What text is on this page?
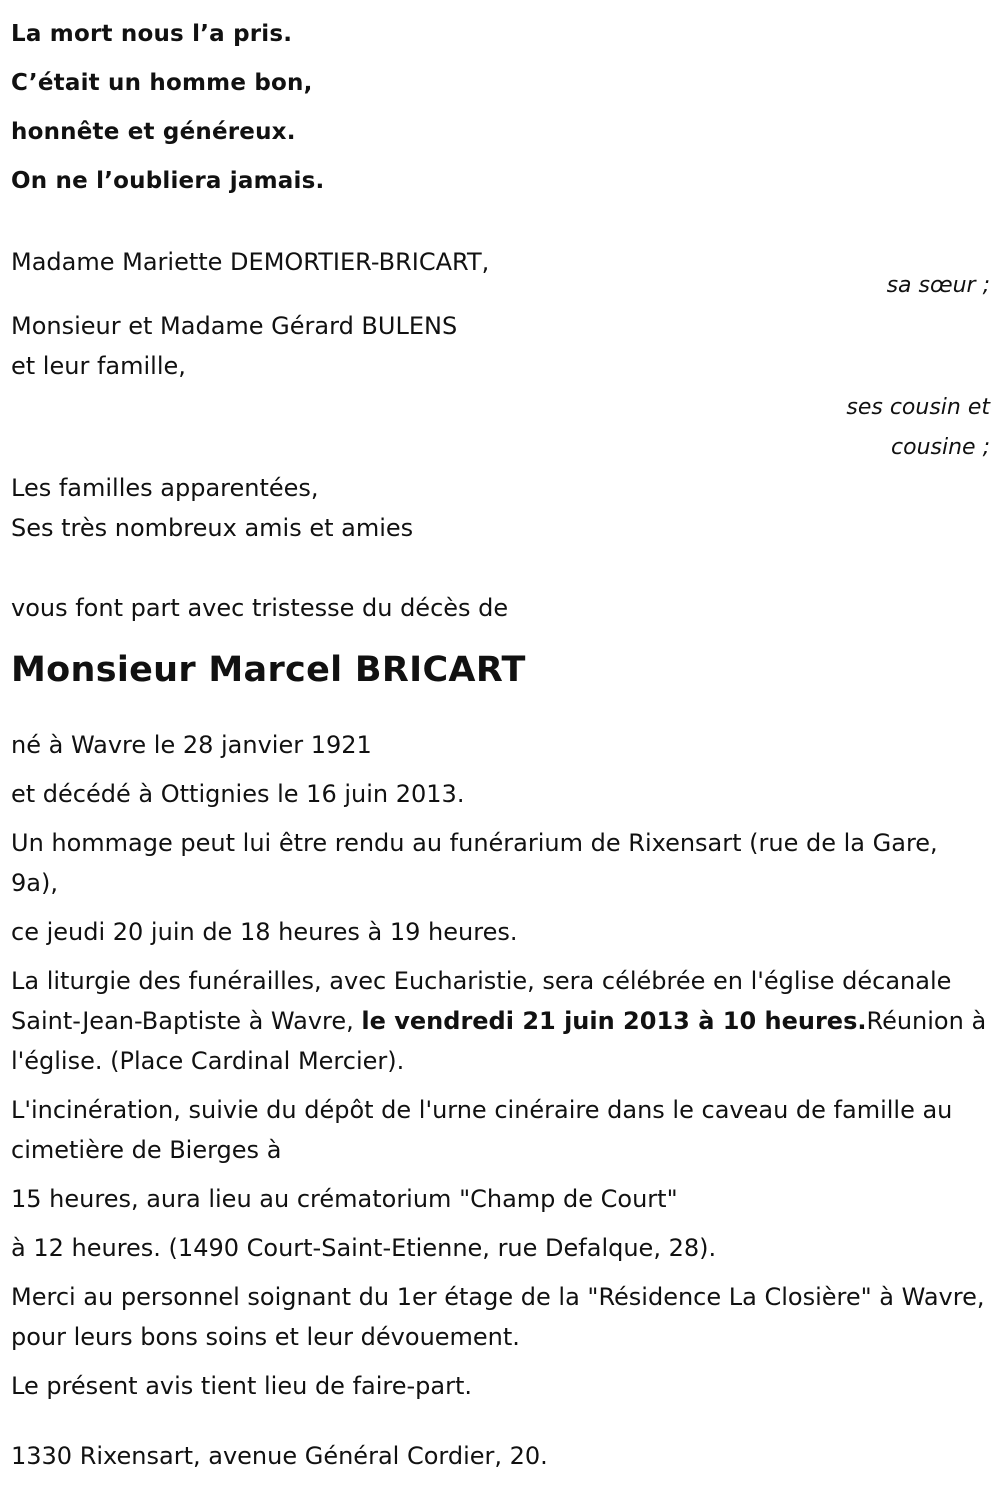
La mort nous l’a pris.

C’était un homme bon,

honnête et généreux.

On ne l’oubliera jamais.

Madame Mariette DEMORTIER-BRICART,

sa sœur ;

Monsieur et Madame Gérard BULENS

et leur famille,

ses cousin et

cousine ;

Les familles apparentées,

Ses très nombreux amis et amies

vous font part avec tristesse du décès de

Monsieur Marcel BRICART

né à Wavre le 28 janvier 1921

et décédé à Ottignies le 16 juin 2013.

Un hommage peut lui être rendu au funérarium de Rixensart (rue de la Gare, 9a),

ce jeudi 20 juin de 18 heures à 19 heures.

La liturgie des funérailles, avec Eucharistie, sera célébrée en l'église décanale Saint-Jean-Baptiste à Wavre, le vendredi 21 juin 2013 à 10 heures.Réunion à l'église. (Place Cardinal Mercier).

L'incinération, suivie du dépôt de l'urne cinéraire dans le caveau de famille au cimetière de Bierges à

15 heures, aura lieu au crématorium "Champ de Court"

à 12 heures. (1490 Court-Saint-Etienne, rue Defalque, 28).

Merci au personnel soignant du 1er étage de la "Résidence La Closière" à Wavre, pour leurs bons soins et leur dévouement.

Le présent avis tient lieu de faire-part.

1330 Rixensart, avenue Général Cordier, 20.
